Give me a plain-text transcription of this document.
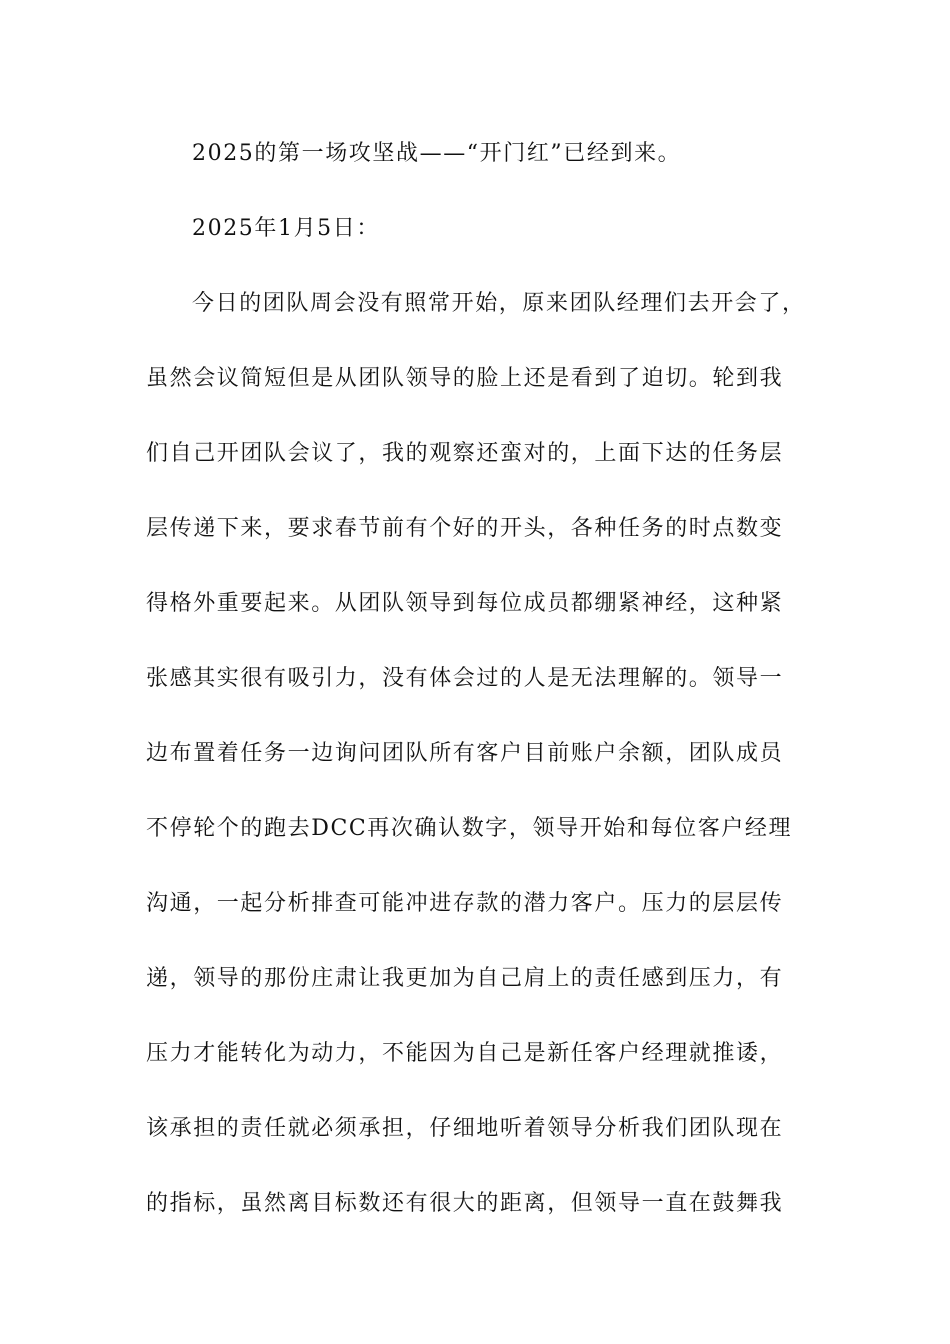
2025的第一场攻坚战——“开门红”已经到来。
2025年1月5日：
今日的团队周会没有照常开始，原来团队经理们去开会了，
虽然会议简短但是从团队领导的脸上还是看到了迫切。轮到我
们自己开团队会议了，我的观察还蛮对的，上面下达的任务层
层传递下来，要求春节前有个好的开头，各种任务的时点数变
得格外重要起来。从团队领导到每位成员都绷紧神经，这种紧
张感其实很有吸引力，没有体会过的人是无法理解的。领导一
边布置着任务一边询问团队所有客户目前账户余额，团队成员
不停轮个的跑去DCC再次确认数字，领导开始和每位客户经理
沟通，一起分析排查可能冲进存款的潜力客户。压力的层层传
递，领导的那份庄肃让我更加为自己肩上的责任感到压力，有
压力才能转化为动力，不能因为自己是新任客户经理就推诿，
该承担的责任就必须承担，仔细地听着领导分析我们团队现在
的指标，虽然离目标数还有很大的距离，但领导一直在鼓舞我
